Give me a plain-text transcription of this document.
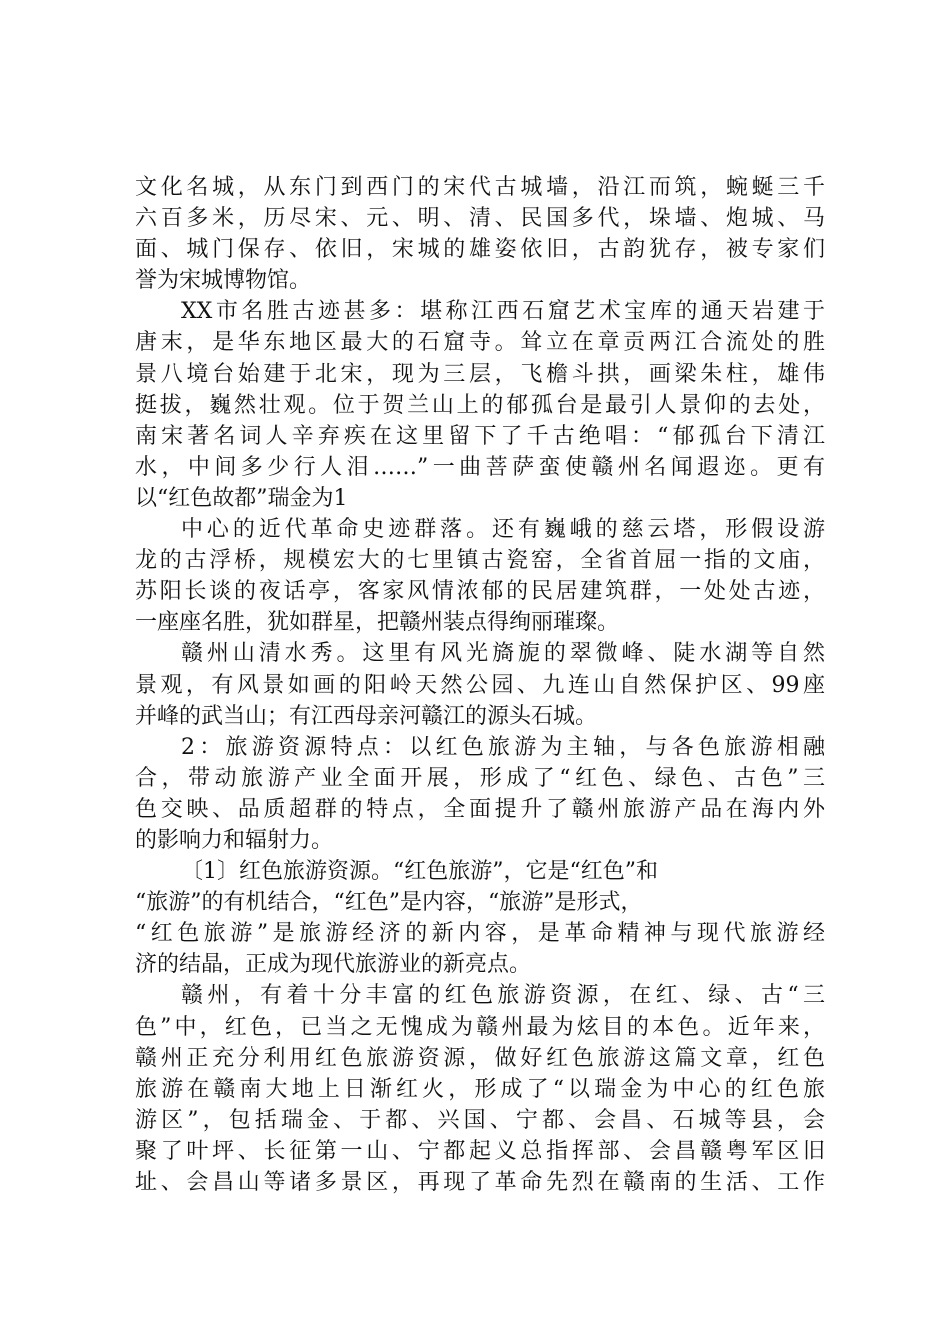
文化名城，从东门到西门的宋代古城墙，沿江而筑，蜿蜒三千
六百多米，历尽宋、元、明、清、民国多代，垛墙、炮城、马
面、城门保存、依旧，宋城的雄姿依旧，古韵犹存，被专家们
誉为宋城博物馆。
XX市名胜古迹甚多：堪称江西石窟艺术宝库的通天岩建于
唐末，是华东地区最大的石窟寺。耸立在章贡两江合流处的胜
景八境台始建于北宋，现为三层，飞檐斗拱，画梁朱柱，雄伟
挺拔，巍然壮观。位于贺兰山上的郁孤台是最引人景仰的去处，
南宋著名词人辛弃疾在这里留下了千古绝唱：“郁孤台下清江
水，中间多少行人泪……”一曲菩萨蛮使赣州名闻遐迩。更有
以“红色故都”瑞金为1
中心的近代革命史迹群落。还有巍峨的慈云塔，形假设游
龙的古浮桥，规模宏大的七里镇古瓷窑，全省首屈一指的文庙，
苏阳长谈的夜话亭，客家风情浓郁的民居建筑群，一处处古迹，
一座座名胜，犹如群星，把赣州装点得绚丽璀璨。
赣州山清水秀。这里有风光旖旎的翠微峰、陡水湖等自然
景观，有风景如画的阳岭天然公园、九连山自然保护区、99座
并峰的武当山；有江西母亲河赣江的源头石城。
2：旅游资源特点：以红色旅游为主轴，与各色旅游相融
合，带动旅游产业全面开展，形成了“红色、绿色、古色”三
色交映、品质超群的特点，全面提升了赣州旅游产品在海内外
的影响力和辐射力。
〔1〕红色旅游资源。“红色旅游”，它是“红色”和
“旅游”的有机结合，“红色”是内容，“旅游”是形式，
“红色旅游”是旅游经济的新内容，是革命精神与现代旅游经
济的结晶，正成为现代旅游业的新亮点。
赣州，有着十分丰富的红色旅游资源，在红、绿、古“三
色”中，红色，已当之无愧成为赣州最为炫目的本色。近年来，
赣州正充分利用红色旅游资源，做好红色旅游这篇文章，红色
旅游在赣南大地上日渐红火，形成了“以瑞金为中心的红色旅
游区”，包括瑞金、于都、兴国、宁都、会昌、石城等县，会
聚了叶坪、长征第一山、宁都起义总指挥部、会昌赣粤军区旧
址、会昌山等诸多景区，再现了革命先烈在赣南的生活、工作
